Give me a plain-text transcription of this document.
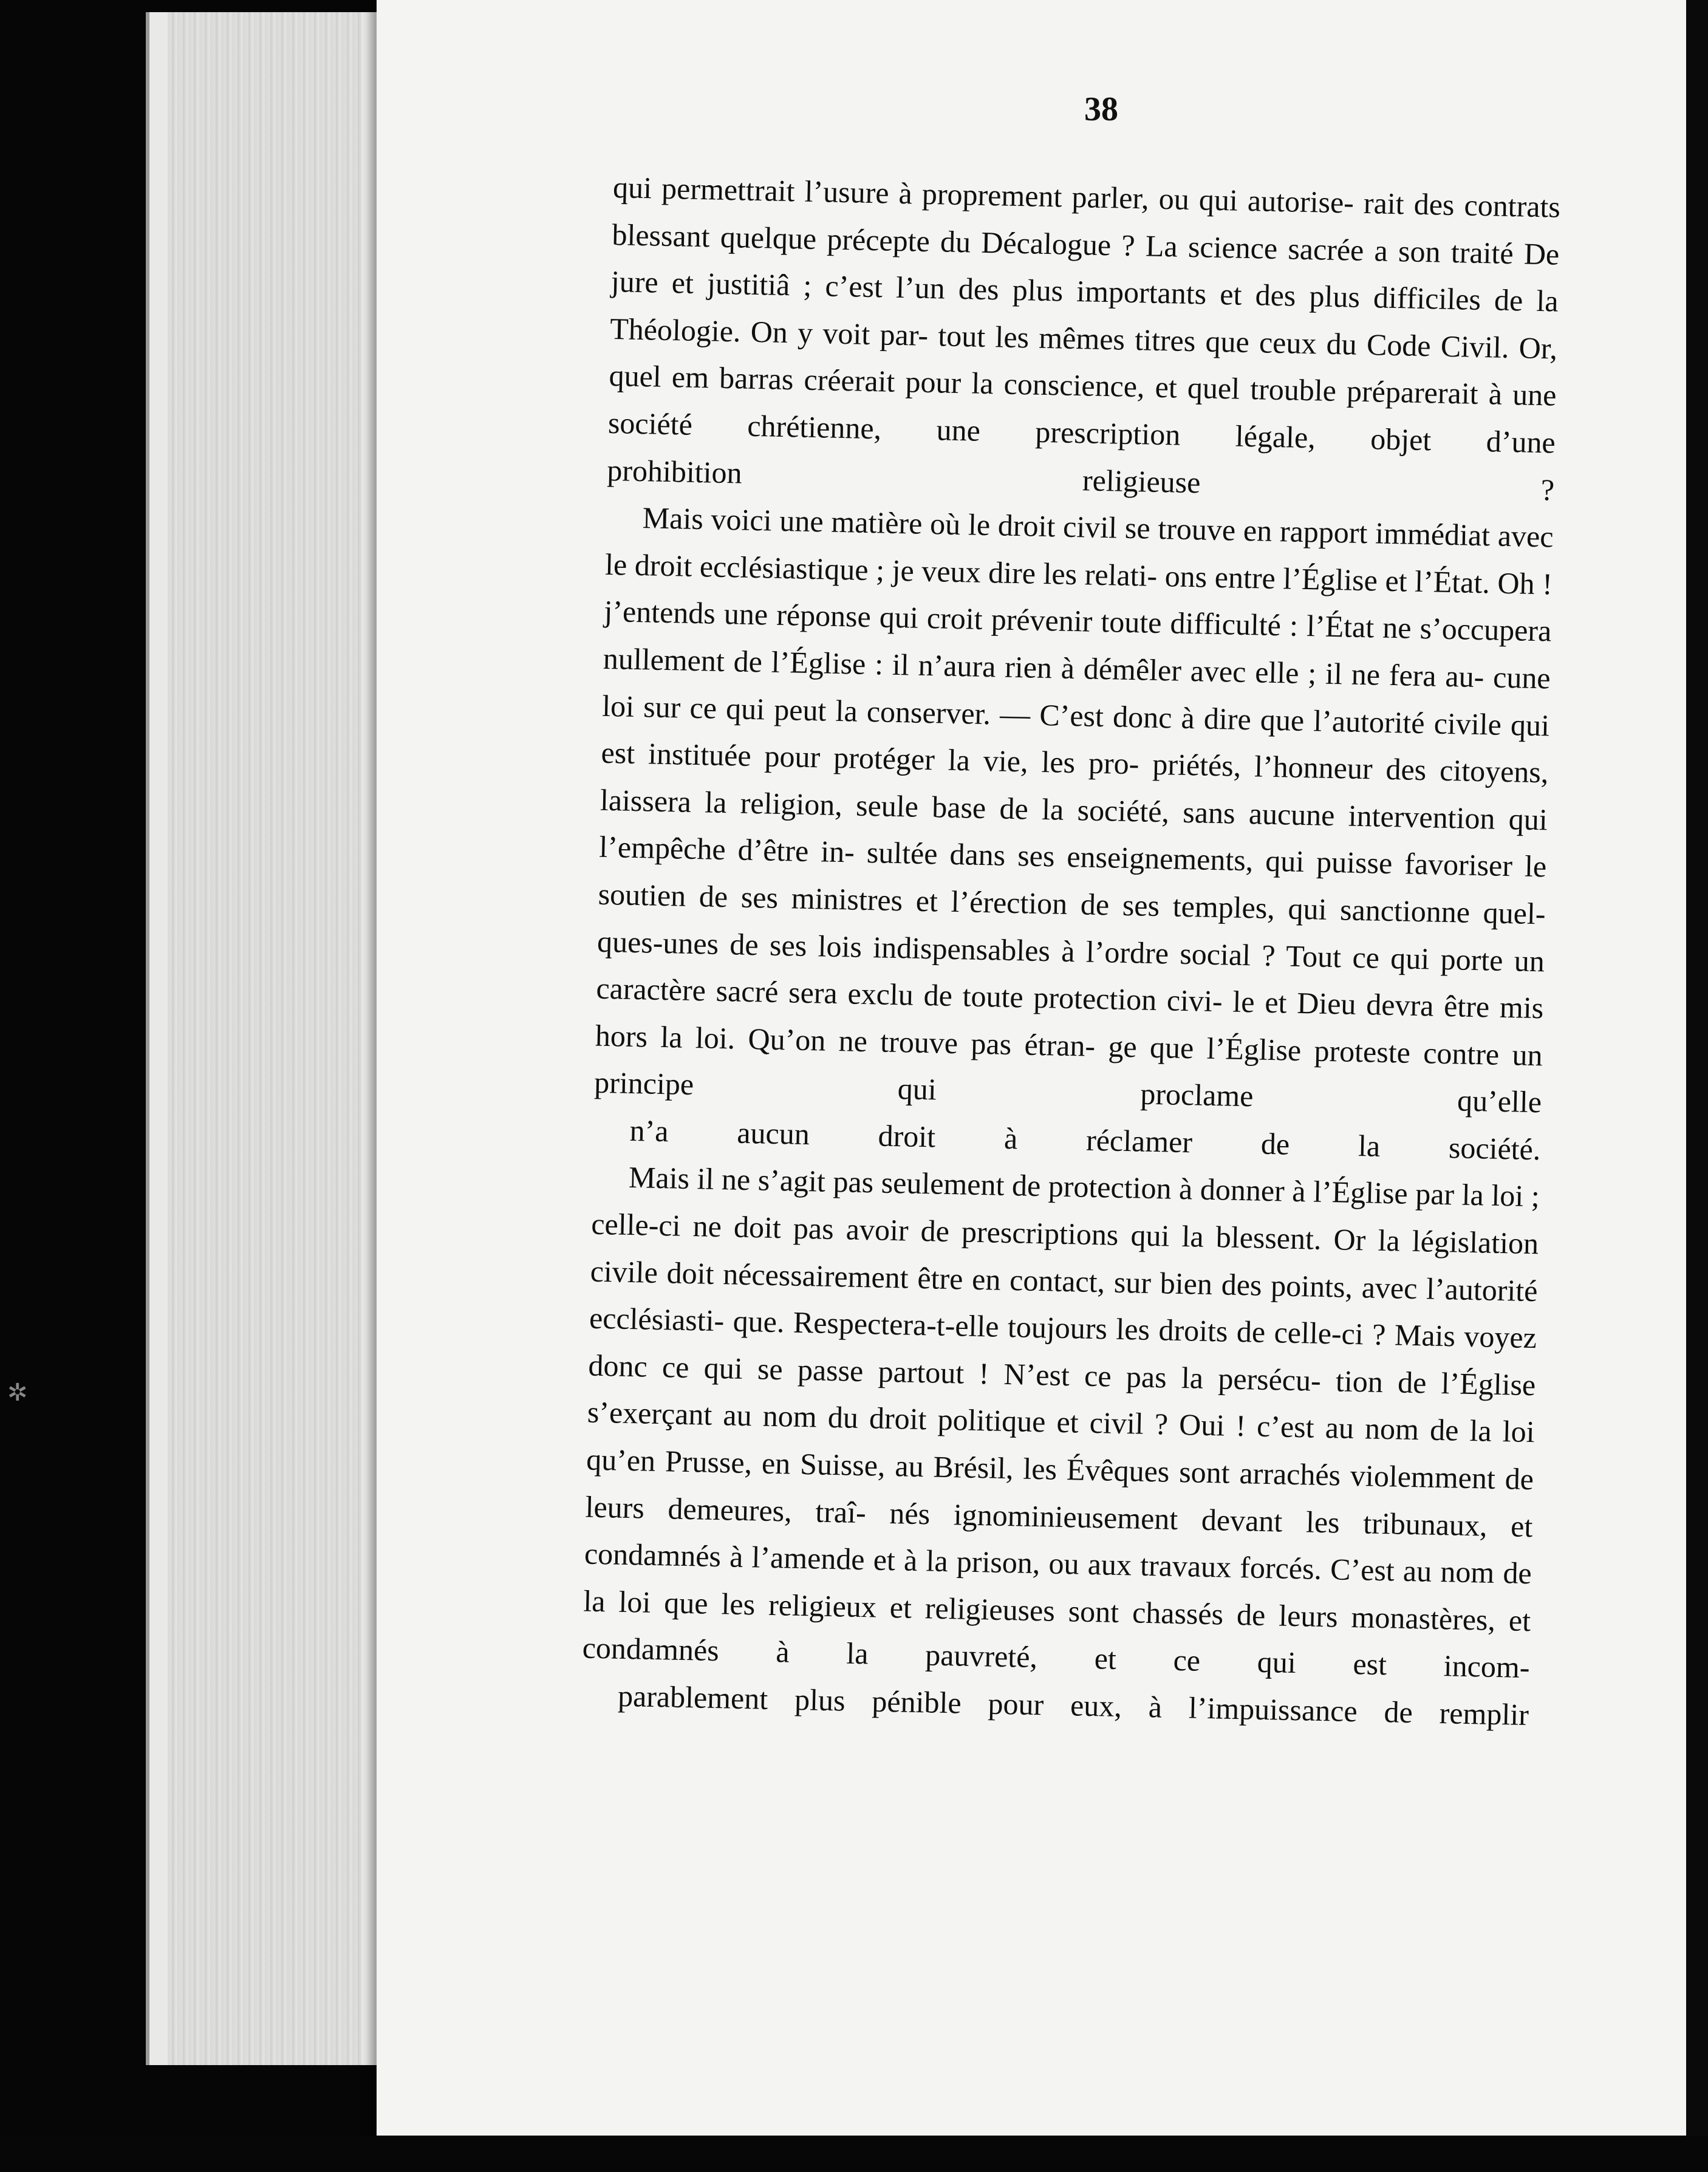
✲
38

qui permettrait l’usure à proprement parler, ou qui autorise- rait des contrats blessant quelque précepte du Décalogue ? La science sacrée a son traité De jure et justitiâ ; c’est l’un des plus importants et des plus difficiles de la Théologie. On y voit par- tout les mêmes titres que ceux du Code Civil. Or, quel em barras créerait pour la conscience, et quel trouble préparerait à une société chrétienne, une prescription légale, objet d’une
prohibition religieuse ?

Mais voici une matière où le droit civil se trouve en rapport immédiat avec le droit ecclésiastique ; je veux dire les relati- ons entre l’Église et l’État. Oh ! j’entends une réponse qui croit prévenir toute difficulté : l’État ne s’occupera nullement de l’Église : il n’aura rien à démêler avec elle ; il ne fera au- cune loi sur ce qui peut la conserver. — C’est donc à dire que l’autorité civile qui est instituée pour protéger la vie, les pro- priétés, l’honneur des citoyens, laissera la religion, seule base de la société, sans aucune intervention qui l’empêche d’être in- sultée dans ses enseignements, qui puisse favoriser le soutien de ses ministres et l’érection de ses temples, qui sanctionne quel- ques-unes de ses lois indispensables à l’ordre social ? Tout ce qui porte un caractère sacré sera exclu de toute protection civi- le et Dieu devra être mis hors la loi. Qu’on ne trouve pas étran- ge que l’Église proteste contre un principe qui proclame qu’elle
n’a aucun droit à réclamer de la société.

Mais il ne s’agit pas seulement de protection à donner à l’Église par la loi ; celle-ci ne doit pas avoir de prescriptions qui la blessent. Or la législation civile doit nécessairement être en contact, sur bien des points, avec l’autorité ecclésiasti- que. Respectera-t-elle toujours les droits de celle-ci ? Mais voyez donc ce qui se passe partout ! N’est ce pas la persécu- tion de l’Église s’exerçant au nom du droit politique et civil ? Oui ! c’est au nom de la loi qu’en Prusse, en Suisse, au Brésil, les Évêques sont arrachés violemment de leurs demeures, traî- nés ignominieusement devant les tribunaux, et condamnés à l’amende et à la prison, ou aux travaux forcés. C’est au nom de la loi que les religieux et religieuses sont chassés de leurs monastères, et condamnés à la pauvreté, et ce qui est incom-
parablement plus pénible pour eux, à l’impuissance de remplir
